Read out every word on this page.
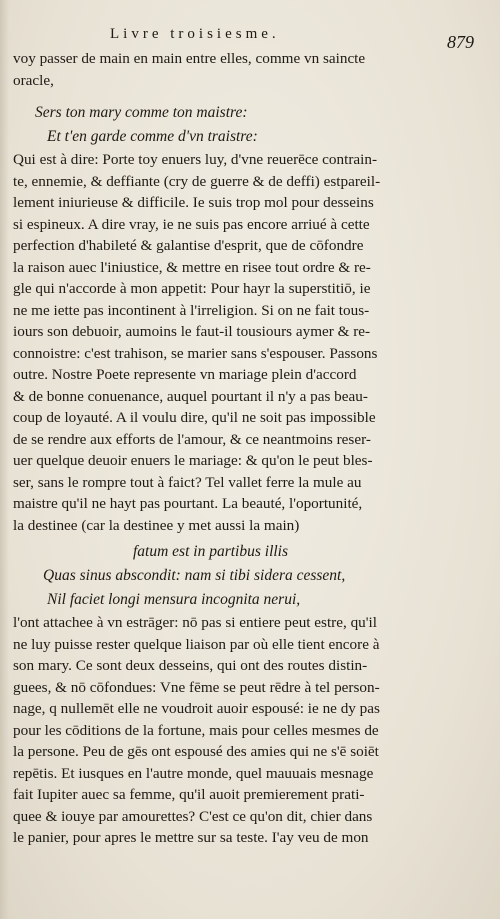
Livre troisiesme.	879
voy passer de main en main entre elles, comme vn saincte
oracle,
Sers ton mary comme ton maistre:
Et t'en garde comme d'vn traistre:
Qui est à dire: Porte toy enuers luy, d'vne reuerēce contrain-
te, ennemie, & deffiante (cry de guerre & de deffi) estpareil-
lement iniurieuse & difficile. Ie suis trop mol pour desseins
si espineux. A dire vray, ie ne suis pas encore arriué à cette
perfection d'habileté & galantise d'esprit, que de cōfondre
la raison auec l'iniustice, & mettre en risee tout ordre & re-
gle qui n'accorde à mon appetit: Pour hayr la superstitiō, ie
ne me iette pas incontinent à l'irreligion. Si on ne fait tous-
iours son debuoir, aumoins le faut-il tousiours aymer & re-
connoistre: c'est trahison, se marier sans s'espouser. Passons
outre. Nostre Poete represente vn mariage plein d'accord
& de bonne conuenance, auquel pourtant il n'y a pas beau-
coup de loyauté. A il voulu dire, qu'il ne soit pas impossible
de se rendre aux efforts de l'amour, & ce neantmoins reser-
uer quelque deuoir enuers le mariage: & qu'on le peut bles-
ser, sans le rompre tout à faict? Tel vallet ferre la mule au
maistre qu'il ne hayt pas pourtant. La beauté, l'oportunité,
la destinee (car la destinee y met aussi la main)
fatum est in partibus illis
Quas sinus abscondit: nam si tibi sidera cessent,
Nil faciet longi mensura incognita nerui,
l'ont attachee à vn estrāger: nō pas si entiere peut estre, qu'il
ne luy puisse rester quelque liaison par où elle tient encore à
son mary. Ce sont deux desseins, qui ont des routes distin-
guees, & nō cōfondues: Vne fēme se peut rēdre à tel person-
nage, q nullemēt elle ne voudroit auoir espousé: ie ne dy pas
pour les cōditions de la fortune, mais pour celles mesmes de
la persone. Peu de gēs ont espousé des amies qui ne s'ē soiēt
repētis. Et iusques en l'autre monde, quel mauuais mesnage
fait Iupiter auec sa femme, qu'il auoit premierement prati-
quee & iouye par amourettes? C'est ce qu'on dit, chier dans
le panier, pour apres le mettre sur sa teste. I'ay veu de mon
